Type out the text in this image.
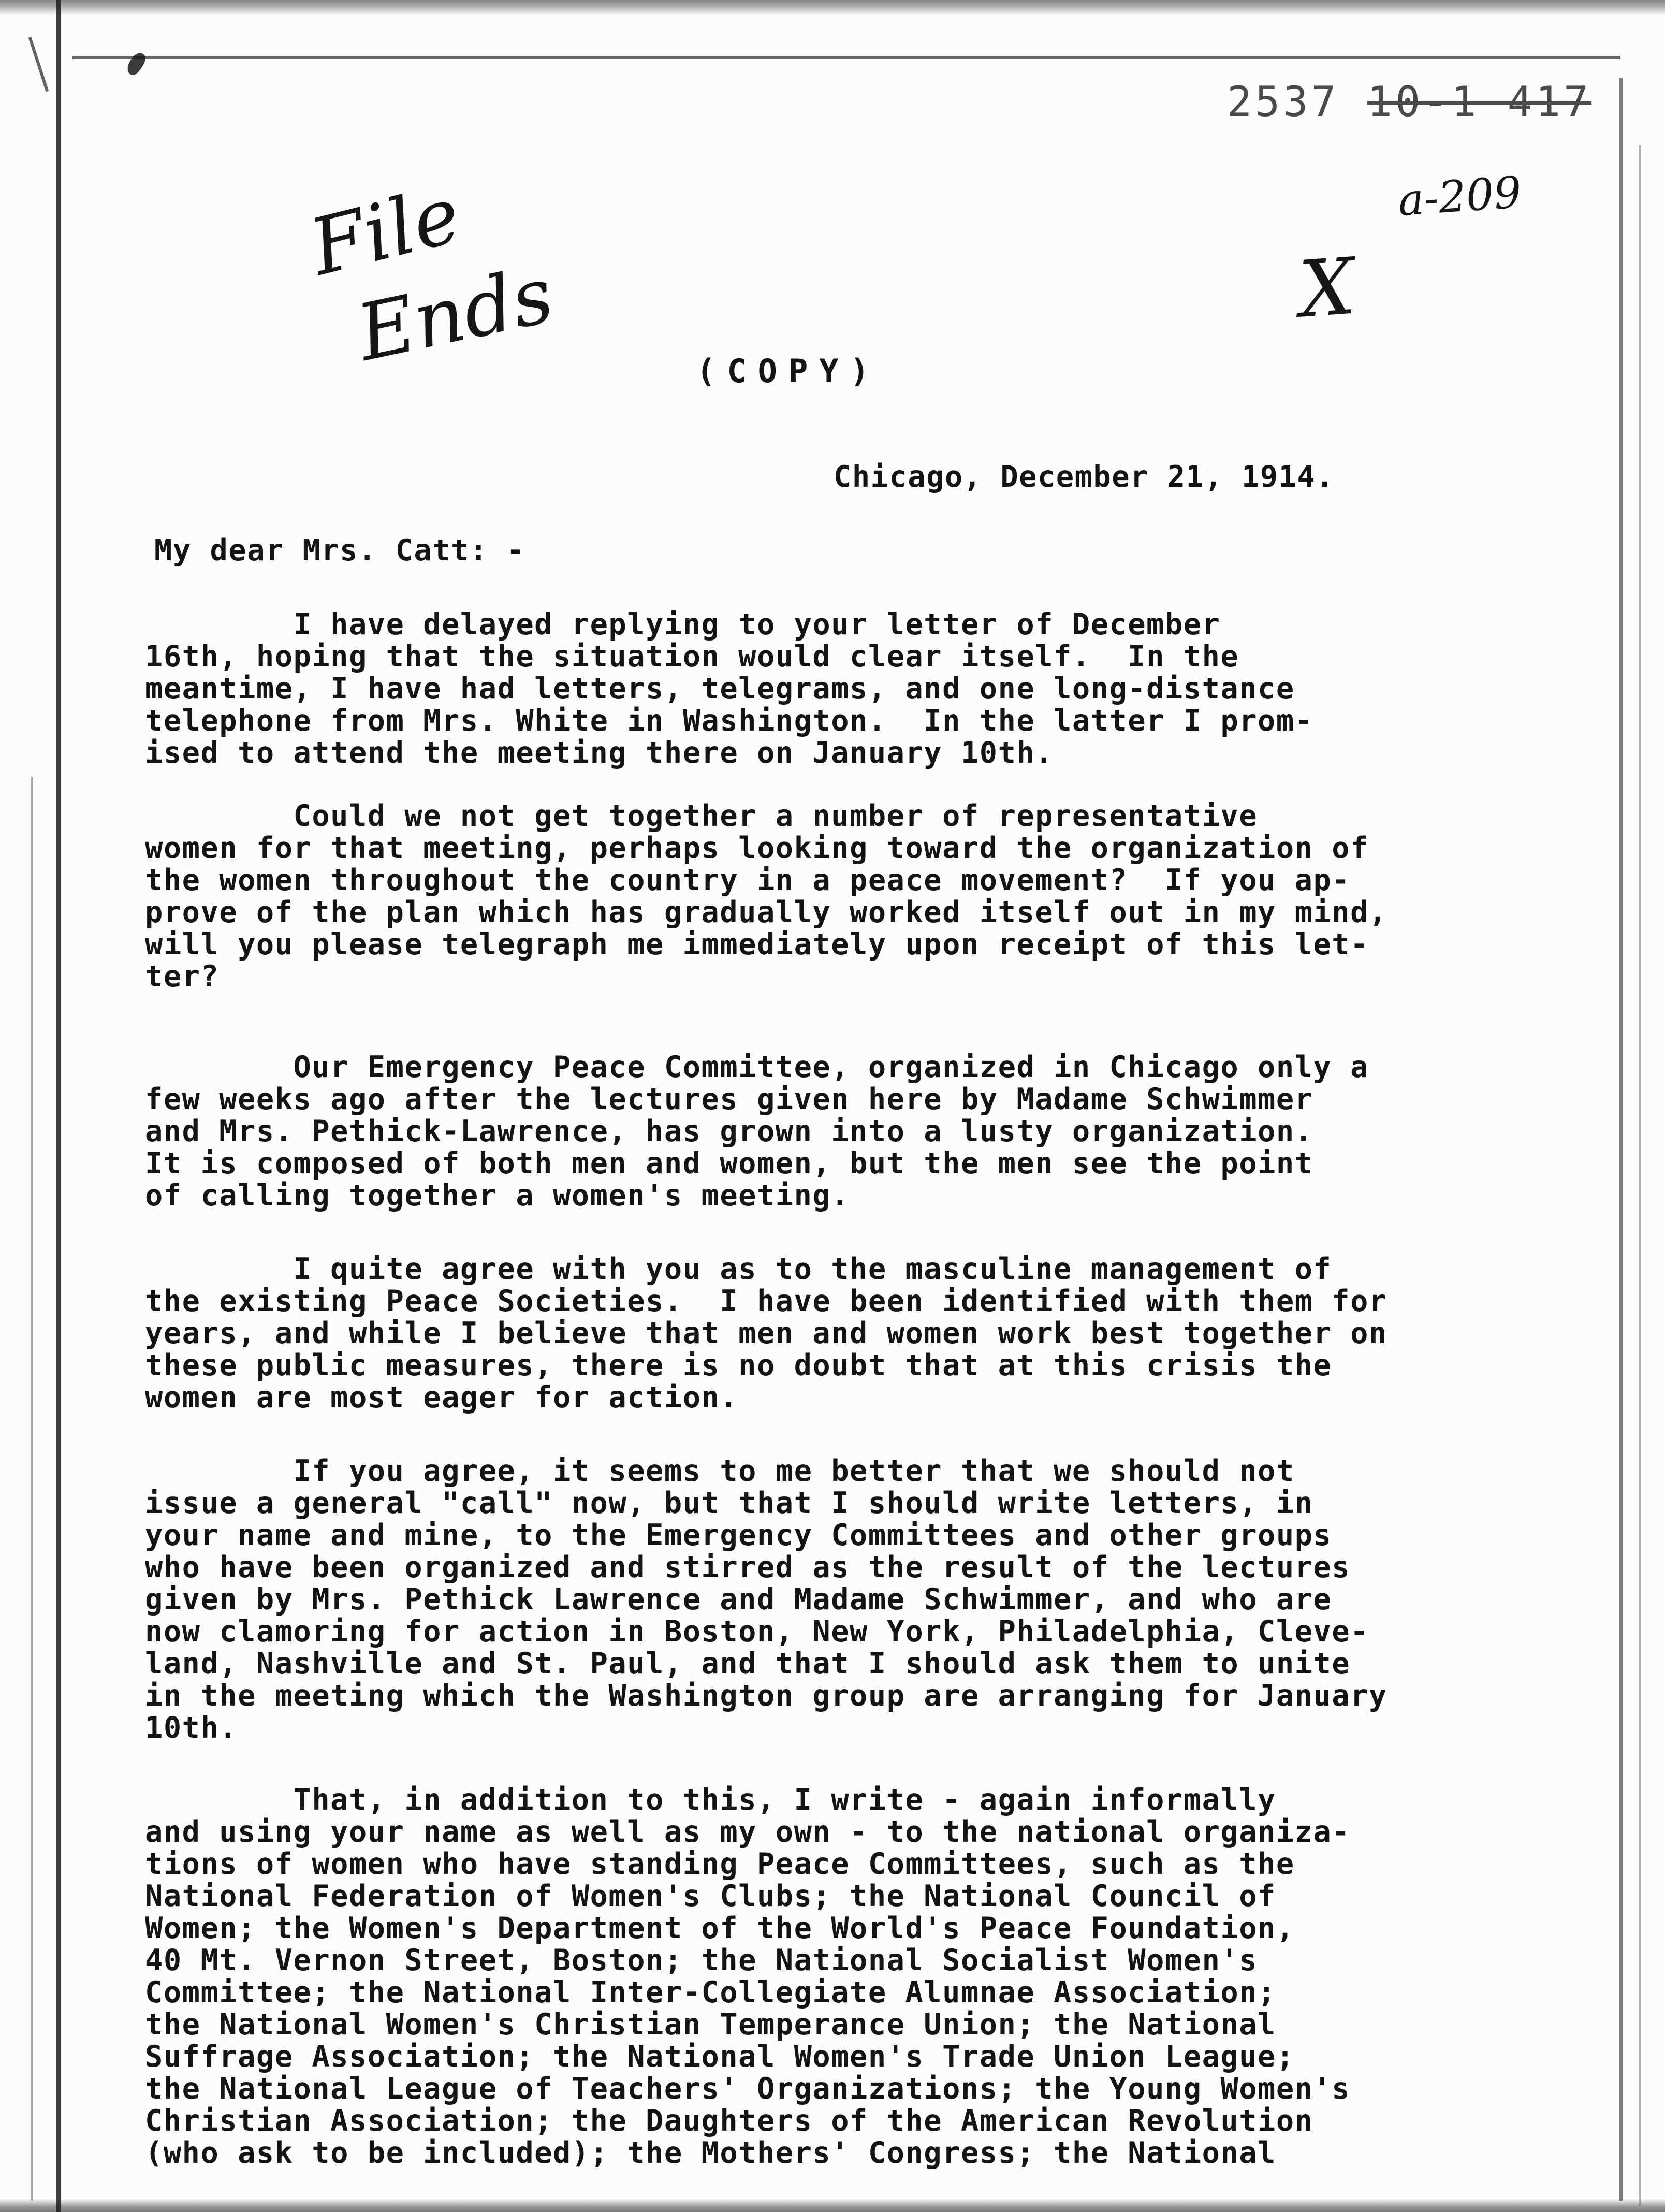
2537 10-1 417
a-209
File
Ends	X
(COPY)
Chicago, December 21, 1914.
My dear Mrs. Catt: -
I have delayed replying to your letter of December
16th, hoping that the situation would clear itself.  In the
meantime, I have had letters, telegrams, and one long-distance
telephone from Mrs. White in Washington.  In the latter I prom-
ised to attend the meeting there on January 10th.
Could we not get together a number of representative
women for that meeting, perhaps looking toward the organization of
the women throughout the country in a peace movement?  If you ap-
prove of the plan which has gradually worked itself out in my mind,
will you please telegraph me immediately upon receipt of this let-
ter?
Our Emergency Peace Committee, organized in Chicago only a
few weeks ago after the lectures given here by Madame Schwimmer
and Mrs. Pethick-Lawrence, has grown into a lusty organization.
It is composed of both men and women, but the men see the point
of calling together a women's meeting.
I quite agree with you as to the masculine management of
the existing Peace Societies.  I have been identified with them for
years, and while I believe that men and women work best together on
these public measures, there is no doubt that at this crisis the
women are most eager for action.
If you agree, it seems to me better that we should not
issue a general "call" now, but that I should write letters, in
your name and mine, to the Emergency Committees and other groups
who have been organized and stirred as the result of the lectures
given by Mrs. Pethick Lawrence and Madame Schwimmer, and who are
now clamoring for action in Boston, New York, Philadelphia, Cleve-
land, Nashville and St. Paul, and that I should ask them to unite
in the meeting which the Washington group are arranging for January
10th.
That, in addition to this, I write - again informally
and using your name as well as my own - to the national organiza-
tions of women who have standing Peace Committees, such as the
National Federation of Women's Clubs; the National Council of
Women; the Women's Department of the World's Peace Foundation,
40 Mt. Vernon Street, Boston; the National Socialist Women's
Committee; the National Inter-Collegiate Alumnae Association;
the National Women's Christian Temperance Union; the National
Suffrage Association; the National Women's Trade Union League;
the National League of Teachers' Organizations; the Young Women's
Christian Association; the Daughters of the American Revolution
(who ask to be included); the Mothers' Congress; the National
